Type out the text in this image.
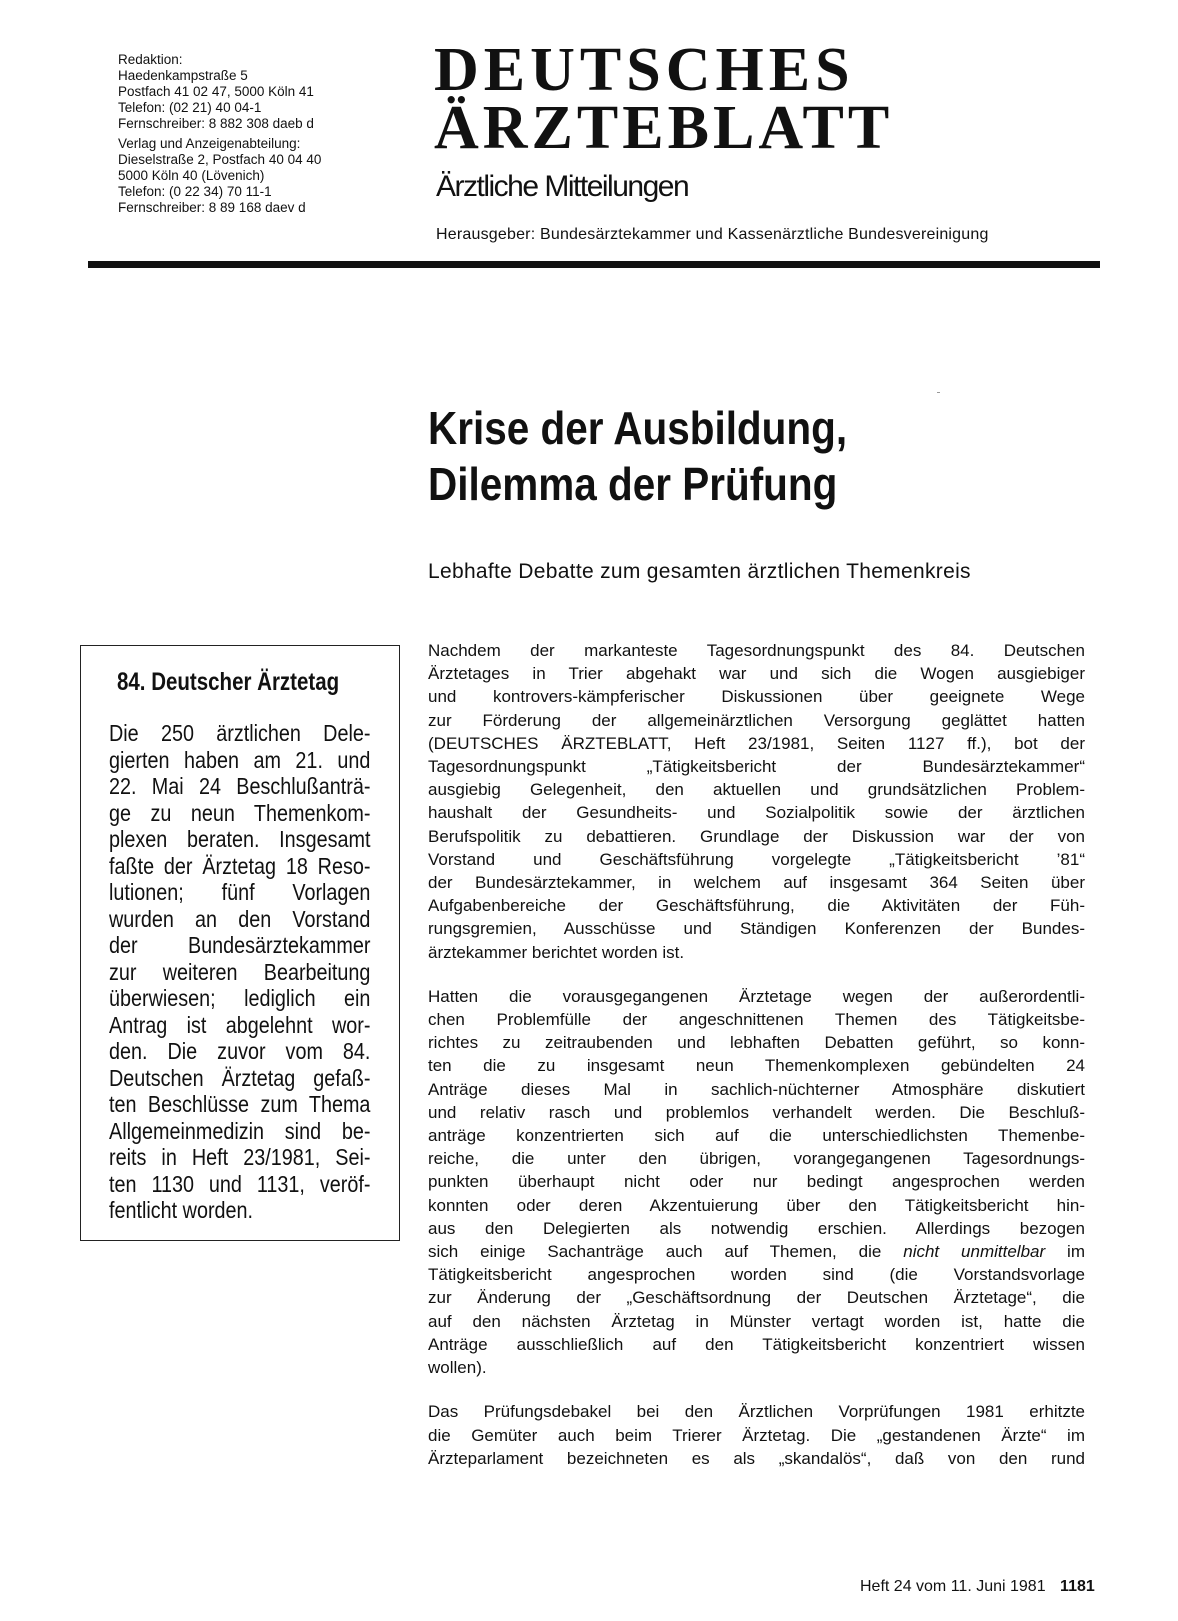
Redaktion:
Haedenkampstraße 5
Postfach 41 02 47, 5000 Köln 41
Telefon: (02 21) 40 04-1
Fernschreiber: 8 882 308 daeb d
Verlag und Anzeigenabteilung:
Dieselstraße 2, Postfach 40 04 40
5000 Köln 40 (Lövenich)
Telefon: (0 22 34) 70 11-1
Fernschreiber: 8 89 168 daev d
DEUTSCHES
ÄRZTEBLATT
Ärztliche Mitteilungen
Herausgeber: Bundesärztekammer und Kassenärztliche Bundesvereinigung
Krise der Ausbildung,
Dilemma der Prüfung
Lebhafte Debatte zum gesamten ärztlichen Themenkreis
84. Deutscher Ärztetag
Die 250 ärztlichen Dele-
gierten haben am 21. und
22. Mai 24 Beschlußanträ-
ge zu neun Themenkom-
plexen beraten. Insgesamt
faßte der Ärztetag 18 Reso-
lutionen; fünf Vorlagen
wurden an den Vorstand
der Bundesärztekammer
zur weiteren Bearbeitung
überwiesen; lediglich ein
Antrag ist abgelehnt wor-
den. Die zuvor vom 84.
Deutschen Ärztetag gefaß-
ten Beschlüsse zum Thema
Allgemeinmedizin sind be-
reits in Heft 23/1981, Sei-
ten 1130 und 1131, veröf-
fentlicht worden.
Nachdem der markanteste Tagesordnungspunkt des 84. Deutschen
Ärztetages in Trier abgehakt war und sich die Wogen ausgiebiger
und kontrovers-kämpferischer Diskussionen über geeignete Wege
zur Förderung der allgemeinärztlichen Versorgung geglättet hatten
(DEUTSCHES ÄRZTEBLATT, Heft 23/1981, Seiten 1127 ff.), bot der
Tagesordnungspunkt „Tätigkeitsbericht der Bundesärztekammer“
ausgiebig Gelegenheit, den aktuellen und grundsätzlichen Problem-
haushalt der Gesundheits- und Sozialpolitik sowie der ärztlichen
Berufspolitik zu debattieren. Grundlage der Diskussion war der von
Vorstand und Geschäftsführung vorgelegte „Tätigkeitsbericht ’81“
der Bundesärztekammer, in welchem auf insgesamt 364 Seiten über
Aufgabenbereiche der Geschäftsführung, die Aktivitäten der Füh-
rungsgremien, Ausschüsse und Ständigen Konferenzen der Bundes-
ärztekammer berichtet worden ist.
Hatten die vorausgegangenen Ärztetage wegen der außerordentli-
chen Problemfülle der angeschnittenen Themen des Tätigkeitsbe-
richtes zu zeitraubenden und lebhaften Debatten geführt, so konn-
ten die zu insgesamt neun Themenkomplexen gebündelten 24
Anträge dieses Mal in sachlich-nüchterner Atmosphäre diskutiert
und relativ rasch und problemlos verhandelt werden. Die Beschluß-
anträge konzentrierten sich auf die unterschiedlichsten Themenbe-
reiche, die unter den übrigen, vorangegangenen Tagesordnungs-
punkten überhaupt nicht oder nur bedingt angesprochen werden
konnten oder deren Akzentuierung über den Tätigkeitsbericht hin-
aus den Delegierten als notwendig erschien. Allerdings bezogen
sich einige Sachanträge auch auf Themen, die nicht unmittelbar im
Tätigkeitsbericht angesprochen worden sind (die Vorstandsvorlage
zur Änderung der „Geschäftsordnung der Deutschen Ärztetage“, die
auf den nächsten Ärztetag in Münster vertagt worden ist, hatte die
Anträge ausschließlich auf den Tätigkeitsbericht konzentriert wissen
wollen).
Das Prüfungsdebakel bei den Ärztlichen Vorprüfungen 1981 erhitzte
die Gemüter auch beim Trierer Ärztetag. Die „gestandenen Ärzte“ im
Ärzteparlament bezeichneten es als „skandalös“, daß von den rund
Heft 24 vom 11. Juni 1981 1181
